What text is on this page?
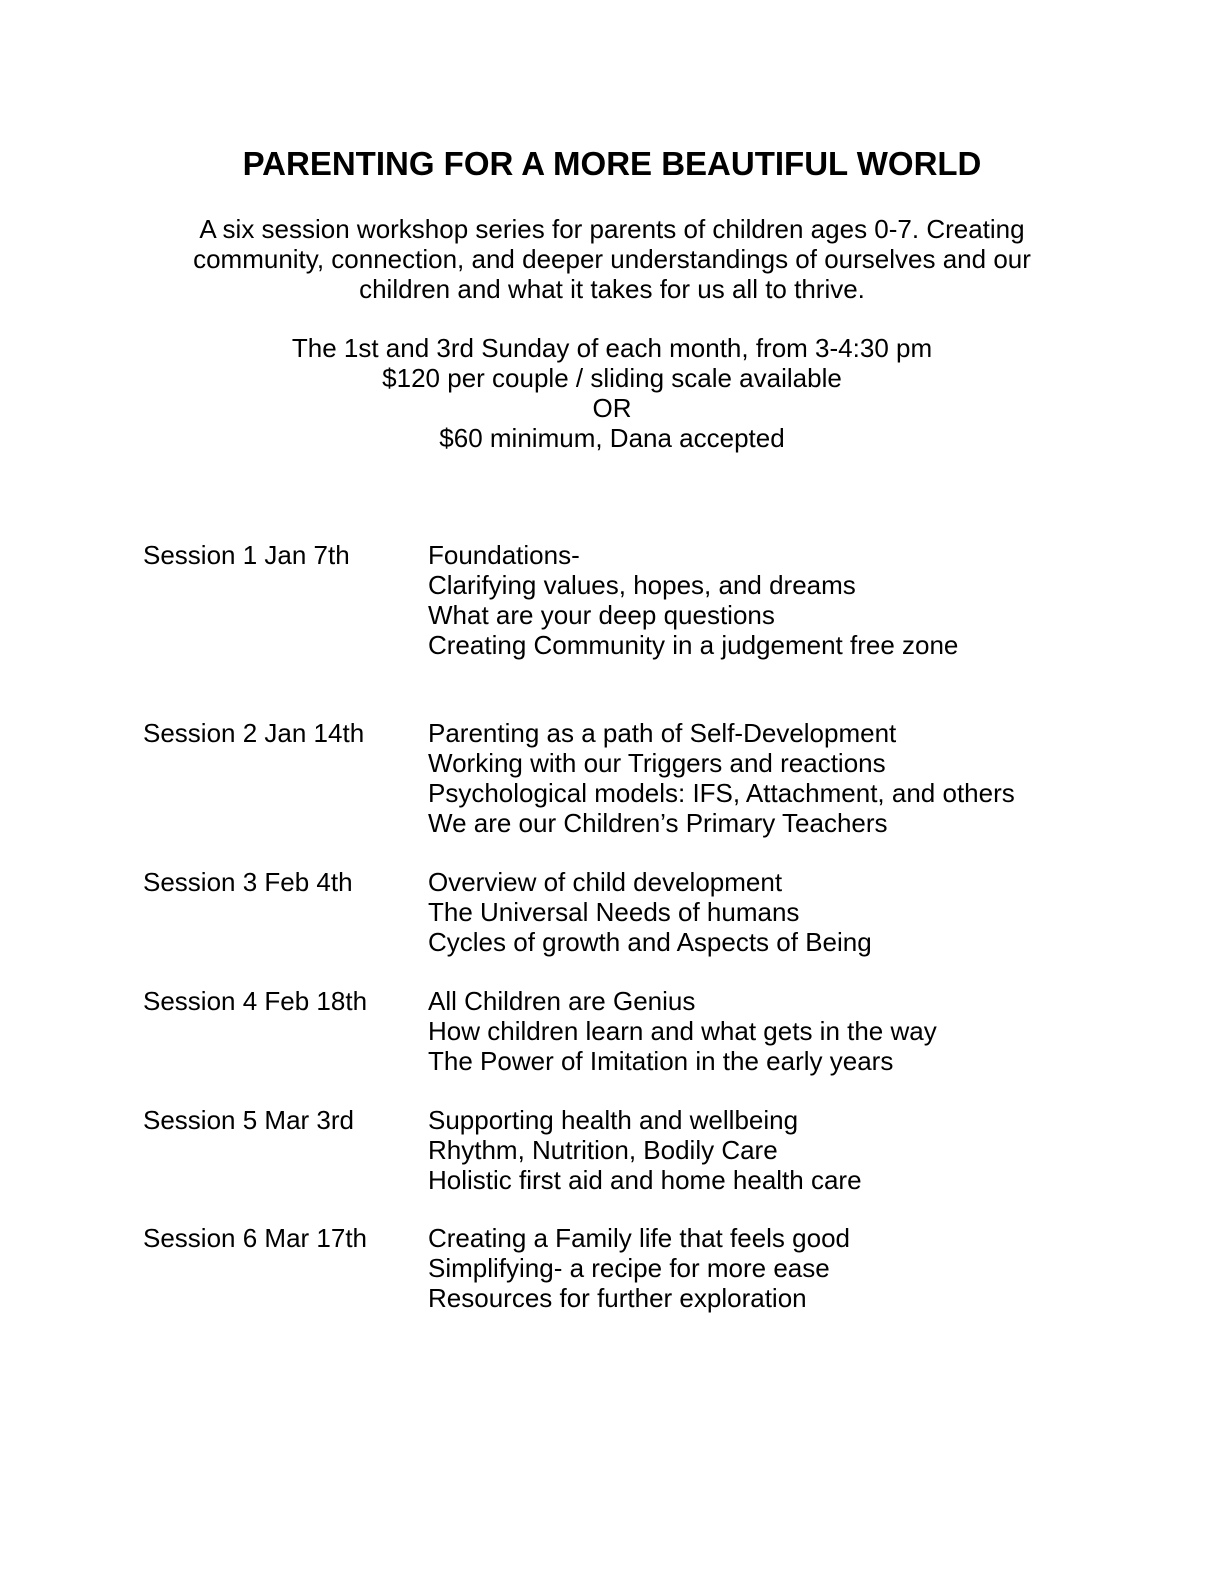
PARENTING FOR A MORE BEAUTIFUL WORLD

A six session workshop series for parents of children ages 0-7. Creating

community, connection, and deeper understandings of ourselves and our

children and what it takes for us all to thrive.

The 1st and 3rd Sunday of each month, from 3-4:30 pm
$120 per couple / sliding scale available
OR
$60 minimum, Dana accepted
Session 1 Jan 7th	Foundations-
Clarifying values, hopes, and dreams
What are your deep questions
Creating Community in a judgement free zone
Session 2 Jan 14th Parenting as a path of Self-Development
Working with our Triggers and reactions
Psychological models: IFS, Attachment, and others
We are our Children’s Primary Teachers
Session 3 Feb 4th	Overview of child development
The Universal Needs of humans
Cycles of growth and Aspects of Being
Session 4 Feb 18th All Children are Genius
How children learn and what gets in the way
The Power of Imitation in the early years
Session 5 Mar 3rd	Supporting health and wellbeing
Rhythm, Nutrition, Bodily Care
Holistic first aid and home health care
Session 6 Mar 17th Creating a Family life that feels good
Simplifying- a recipe for more ease
Resources for further exploration
